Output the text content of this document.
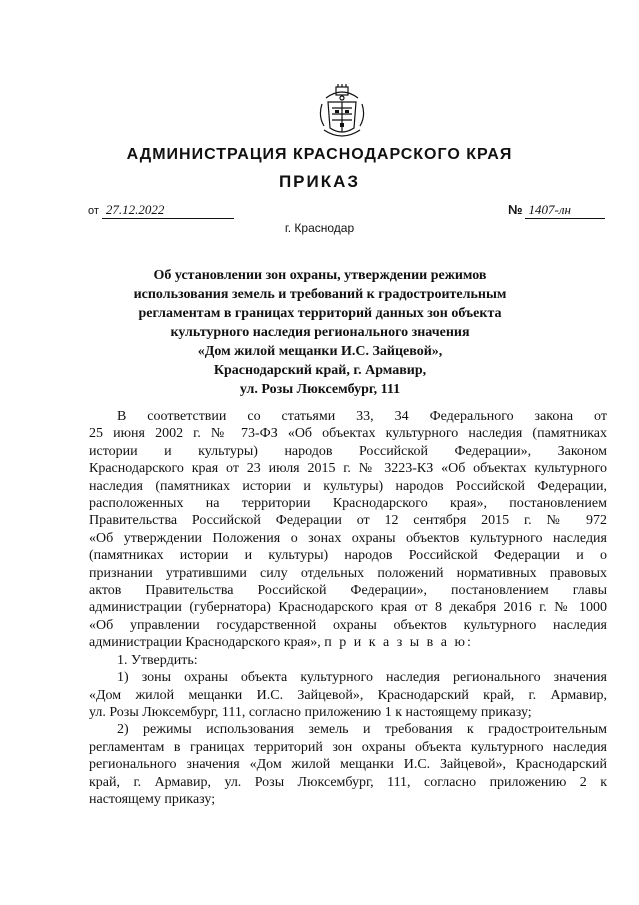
АДМИНИСТРАЦИЯ КРАСНОДАРСКОГО КРАЯ
ПРИКАЗ
от 27.12.2022	№ 1407-лн
г. Краснодар
Об установлении зон охраны, утверждении режимов
использования земель и требований к градостроительным
регламентам в границах территорий данных зон объекта
культурного наследия регионального значения
«Дом жилой мещанки И.С. Зайцевой»,
Краснодарский край, г. Армавир,
ул. Розы Люксембург, 111
В соответствии со статьями 33, 34 Федерального закона от
25 июня 2002 г. № 73-ФЗ «Об объектах культурного наследия (памятниках
истории и культуры) народов Российской Федерации», Законом
Краснодарского края от 23 июля 2015 г. № 3223-КЗ «Об объектах культурного
наследия (памятниках истории и культуры) народов Российской Федерации,
расположенных на территории Краснодарского края», постановлением
Правительства Российской Федерации от 12 сентября 2015 г. № 972
«Об утверждении Положения о зонах охраны объектов культурного наследия
(памятниках истории и культуры) народов Российской Федерации и о
признании утратившими силу отдельных положений нормативных правовых
актов Правительства Российской Федерации», постановлением главы
администрации (губернатора) Краснодарского края от 8 декабря 2016 г. № 1000
«Об управлении государственной охраны объектов культурного наследия
администрации Краснодарского края», п р и к а з ы в а ю:
1. Утвердить:
1) зоны охраны объекта культурного наследия регионального значения
«Дом жилой мещанки И.С. Зайцевой», Краснодарский край, г. Армавир,
ул. Розы Люксембург, 111, согласно приложению 1 к настоящему приказу;
2) режимы использования земель и требования к градостроительным
регламентам в границах территорий зон охраны объекта культурного наследия
регионального значения «Дом жилой мещанки И.С. Зайцевой», Краснодарский
край, г. Армавир, ул. Розы Люксембург, 111, согласно приложению 2 к
настоящему приказу;
